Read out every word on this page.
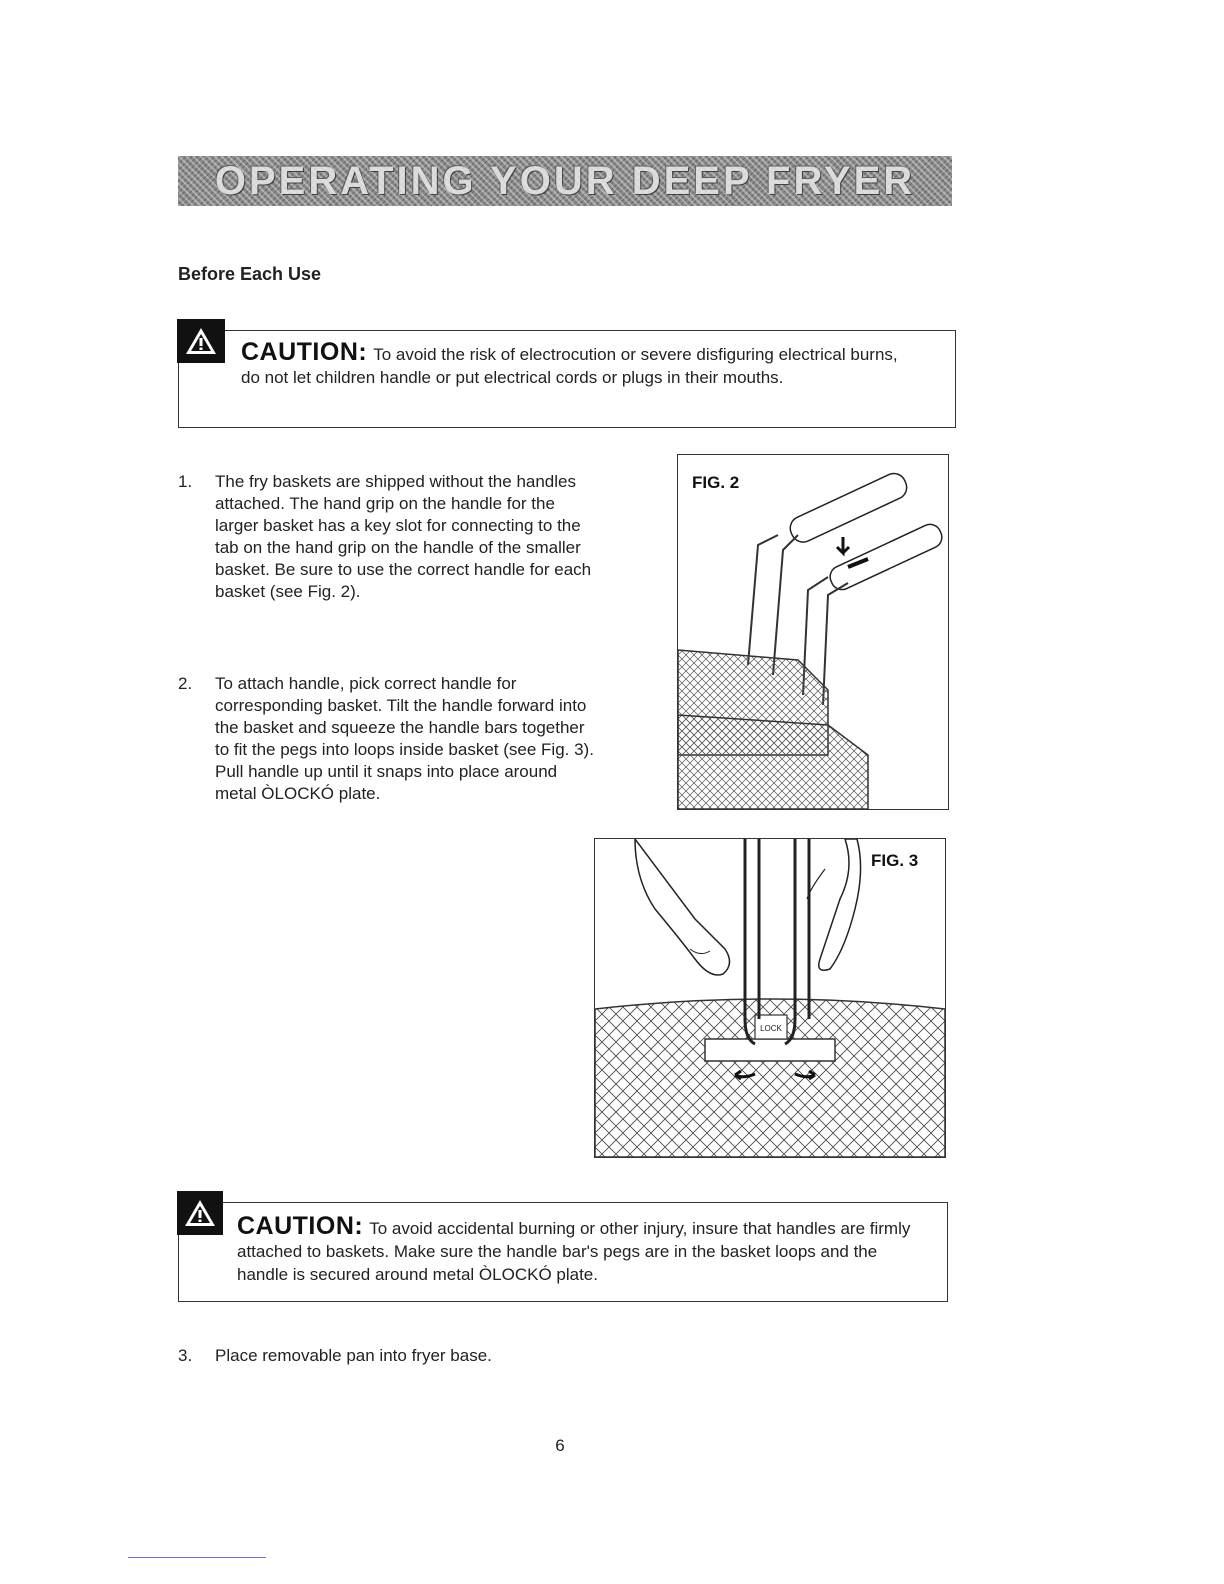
OPERATING YOUR DEEP FRYER
Before Each Use
CAUTION: To avoid the risk of electrocution or severe disfiguring electrical burns, do not let children handle or put electrical cords or plugs in their mouths.
1.	The fry baskets are shipped without the handles attached. The hand grip on the handle for the larger basket has a key slot for connecting to the tab on the hand grip on the handle of the smaller basket. Be sure to use the correct handle for each basket (see Fig. 2).
2.	To attach handle, pick correct handle for corresponding basket. Tilt the handle forward into the basket and squeeze the handle bars together to fit the pegs into loops inside basket (see Fig. 3). Pull handle up until it snaps into place around metal ÒLOCKÓ plate.
FIG. 2
LOCK
FIG. 3
CAUTION: To avoid accidental burning or other injury, insure that handles are firmly attached to baskets. Make sure the handle bar's pegs are in the basket loops and the handle is secured around metal ÒLOCKÓ plate.
3.	Place removable pan into fryer base.
6
